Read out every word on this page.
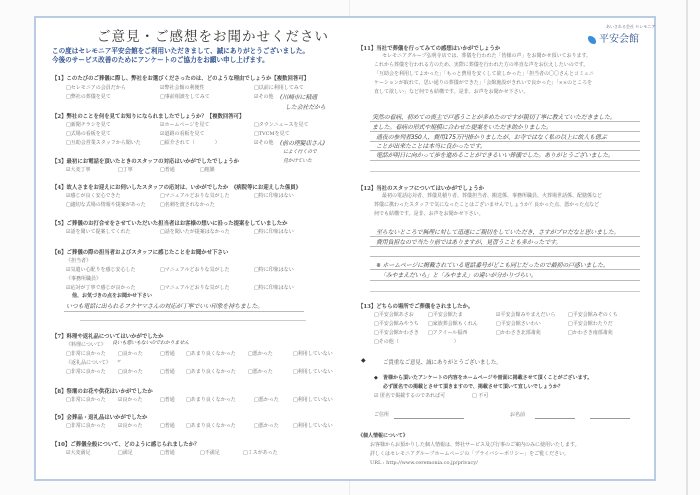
ご意見・ご感想をお聞かせください
この度はセレモニア平安会館をご利用いただきまして、誠にありがとうございました。
今後のサービス改善のためにアンケートのご協力をお願い申し上げます。
【1】このたびのご葬儀に際し、弊社をお選びくださったのは、どのような理由でしょうか【複数回答可】
□セレモニアの会員だから	☑弊社会館の利便性	□以前に利用してみて
□弊社の葬儀を見て	□事前相談をしてみて	☑その他 (川崎市に精通
した会社だから
【2】弊社のことを何を見てお知りになられましたでしょうか？【複数回答可】
□新聞チラシを見て	☑ホームページを見て	□タウンニュースを見て
□式場の看板を見て	☑道路の看板を見て	□TVCMを見て
□互助会営業スタッフから聞いた	□紹介されて（　　　　）	☑その他 (前の理髪店さん)
によく行くので
見かけていた
【3】最初にお電話を頂いたときのスタッフの対応はいかがでしたでしょうか
☑大変丁寧	□丁寧	□普通	□粗雑
【4】故人さまをお迎えにお伺いしたスタッフの応対は、いかがでしたか　《病院等にお迎えした係員》
☑感じが良く安心できた	□マニュアルどおりな気がした	□特に印象はない
□適切な式場の情報や提案があった	□名刺を渡されなかった
【5】ご葬儀のお打合せをさせていただいた担当者はお客様の想いに沿った提案をしていましたか
☑話を聞いて提案してくれた	□話を聞いたが提案はなかった	□特に印象はない
【6】ご葬儀の際の担当者およびスタッフに感じたことをお聞かせ下さい
《担当者》
☑気遣い心配りを感じ安心した	□マニュアルどおりな気がした	□特に印象はない
《事務所職員》
☑応対が丁寧で感じが良かった	□マニュアルどおりな気がした	□特に印象はない
他、お気づきの点をお聞かせ下さい
いつも電話に出られるフクヤマさんの対応が丁寧でいい印象を持ちました。
【7】料理や返礼品についてはいかがでしたか
《料理について》 良いも悪いもないのでわかりません
□非常に良かった □良かった	□普通 □あまり良くなかった □悪かった	□利用していない
《返礼品について》 〃
□非常に良かった □良かった	□普通 □あまり良くなかった □悪かった	□利用していない
【8】祭壇のお花や供花はいかがでしたか
□非常に良かった ☑良かった	□普通 □あまり良くなかった	□悪かった	□利用していない
【9】会葬品・返礼品はいかがでしたか
□非常に良かった ☑良かった	□普通 □あまり良くなかった	□悪かった	□利用していない
【10】ご葬儀全般について、どのように感じられましたか？
☑大変満足	□満足	□普通	□不満足	□ミスがあった
あいされる会社 セレモニア
平安会館
【11】当社で葬儀を行ってみての感想はいかがでしょうか
セレモニアグループ弘明寺店では、葬儀を行われた「皆様の声」をお聞かせ頂いております。
これから葬儀を行われる方のため、実際に葬儀を行われた方の率直な声をお伝えしたいのです。
「互助会を利用してよかった」「もっと費用を安くして欲しかった」「担当者の〇〇さんとコミュニ
ケーションが取れて、思い通りの葬儀ができた」「会館施設がきれいで良かった」「××のところを
直して欲しい」など何でも結構です。是非、お声をお聞かせ下さい。
突然の看病、初めての喪主で戸惑うことが多めたのですが親切丁寧に教えていただきました。
ました。看病の形式や規模に合わせた提案をいただき助かりました。
通夜の参列者350人、費用175万円掛かりましたが、お寺ではなく私の以上に故人も偲ぶ
ことが出来たことは本当に良かったです。
電話が明日に向かって歩を進めることができるいい葬儀でした。ありがとうございました。
【12】当社のスタッフについてはいかがでしょうか
最初の電話応対者、葬儀見積り者、葬儀担当者、搬送係、事務所職員、火葬場世話係、配膳係など
葬儀に携わったスタッフで気になったことはございませんでしょうか？良かった点、悪かった点など
何でも結構です。是非、お声をお聞かせ下さい。
至らないところで無理に対して迅速にご親切をしていただき、さすがプロだなと思いました。
費用負担なので当たり前ではありますが、見習うことも多かったです。
※ ホームページに掲載されている電話番号がどこも同じだったので最初の戸惑いました。
「みやまえだいら」と「みやまえ」の違いが分かりづらい。
【13】どちらの場所でご葬儀をされましたか。
□平安会館あさお	□平安会館たま	☑平安会館みやまえだいら	□平安会館みぞのくち
□平安会館みやうち □家族葬会館もくれん	□平安会館さいわい	□平安会館わたりだ
□平安会館かわさき □アクイール福西	□かわさき北部斎苑	□かわさき南部斎苑
□その他（　　　　　　　　　　　）
◆	ご貴重なご意見、誠にありがとうございました。
◆ 皆様から頂いたアンケートの内容をホームページや冊面に掲載させて頂くことがございます。
必ず匿名での掲載とさせて頂きますので、掲載させて頂いて宜しいでしょうか？
☑ 匿名で掲載するのであれば可	□ 不可
ご住所	お名前
《個人情報について》
お客様からお預かりした個人情報は、弊社サービス及び行事のご案内のみに使用いたします。
詳しくはセレモニアグループホームページの「プライバシーポリシー」をご覧ください。
URL : http://www.ceremonia.co.jp/privacy/
